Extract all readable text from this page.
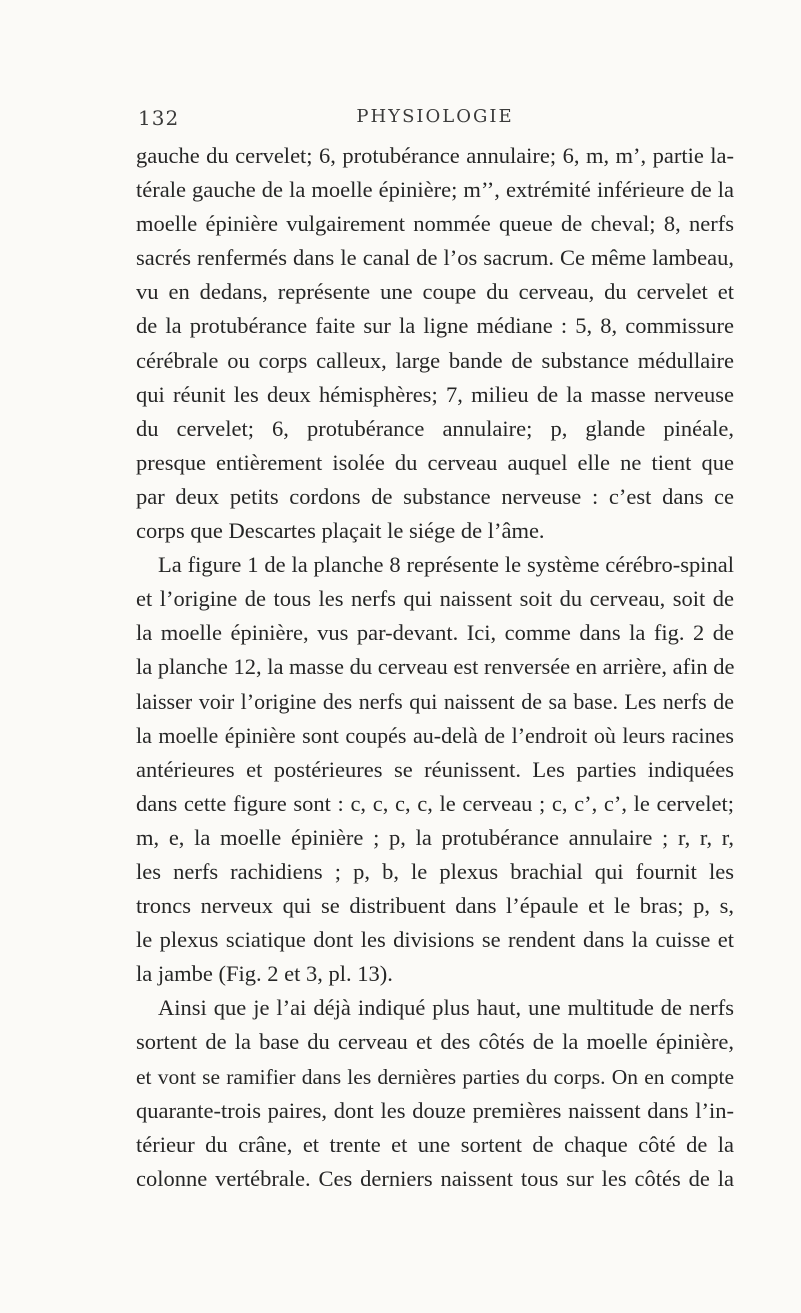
132	PHYSIOLOGIE
gauche du cervelet; 6, protubérance annulaire; 6, m, m’, partie la-
térale gauche de la moelle épinière; m’’, extrémité inférieure de la
moelle épinière vulgairement nommée queue de cheval; 8, nerfs
sacrés renfermés dans le canal de l’os sacrum. Ce même lambeau,
vu en dedans, représente une coupe du cerveau, du cervelet et
de la protubérance faite sur la ligne médiane : 5, 8, commissure
cérébrale ou corps calleux, large bande de substance médullaire
qui réunit les deux hémisphères; 7, milieu de la masse nerveuse
du cervelet; 6, protubérance annulaire; p, glande pinéale,
presque entièrement isolée du cerveau auquel elle ne tient que
par deux petits cordons de substance nerveuse : c’est dans ce
corps que Descartes plaçait le siége de l’âme.
La figure 1 de la planche 8 représente le système cérébro-spinal
et l’origine de tous les nerfs qui naissent soit du cerveau, soit de
la moelle épinière, vus par-devant. Ici, comme dans la fig. 2 de
la planche 12, la masse du cerveau est renversée en arrière, afin de
laisser voir l’origine des nerfs qui naissent de sa base. Les nerfs de
la moelle épinière sont coupés au-delà de l’endroit où leurs racines
antérieures et postérieures se réunissent. Les parties indiquées
dans cette figure sont : c, c, c, c, le cerveau ; c, c’, c’, le cervelet;
m, e, la moelle épinière ; p, la protubérance annulaire ; r, r, r,
les nerfs rachidiens ; p, b, le plexus brachial qui fournit les
troncs nerveux qui se distribuent dans l’épaule et le bras; p, s,
le plexus sciatique dont les divisions se rendent dans la cuisse et
la jambe (Fig. 2 et 3, pl. 13).
Ainsi que je l’ai déjà indiqué plus haut, une multitude de nerfs
sortent de la base du cerveau et des côtés de la moelle épinière,
et vont se ramifier dans les dernières parties du corps. On en compte
quarante-trois paires, dont les douze premières naissent dans l’in-
térieur du crâne, et trente et une sortent de chaque côté de la
colonne vertébrale. Ces derniers naissent tous sur les côtés de la
